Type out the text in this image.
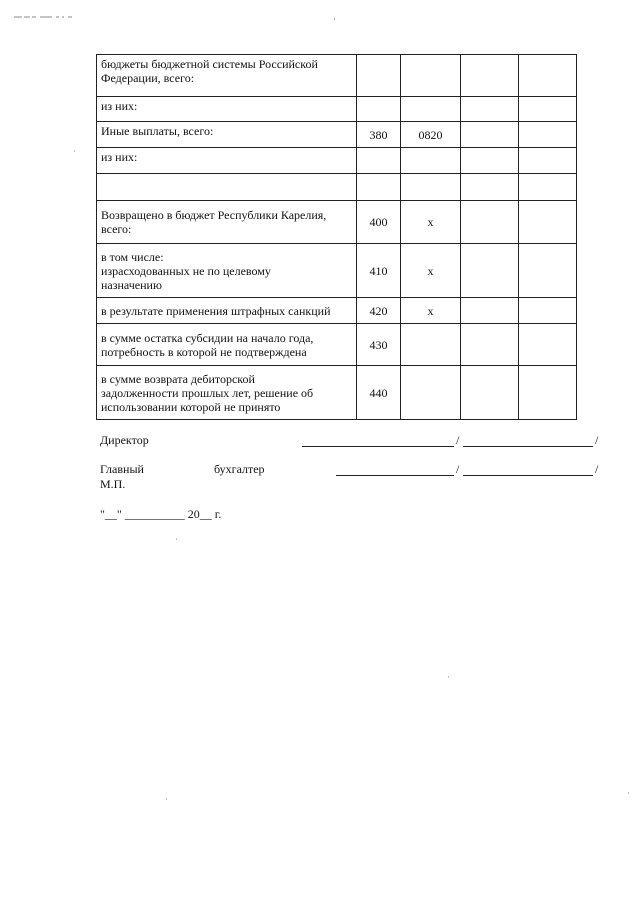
бюджеты бюджетной системы Российской
Федерации, всего:				
из них:				
Иные выплаты, всего:	380	0820		
из них:				

Возвращено в бюджет Республики Карелия,
всего:	400	x		
в том числе:
израсходованных не по целевому
назначению	410	x		
в результате применения штрафных санкций	420	x		
в сумме остатка субсидии на начало года,
потребность в которой не подтверждена	430			
в сумме возврата дебиторской
задолженности прошлых лет, решение об
использовании которой не принято	440			
Директор	/	/
Главный	бухгалтер	/	/
М.П.
"__" __________ 20__ г.
